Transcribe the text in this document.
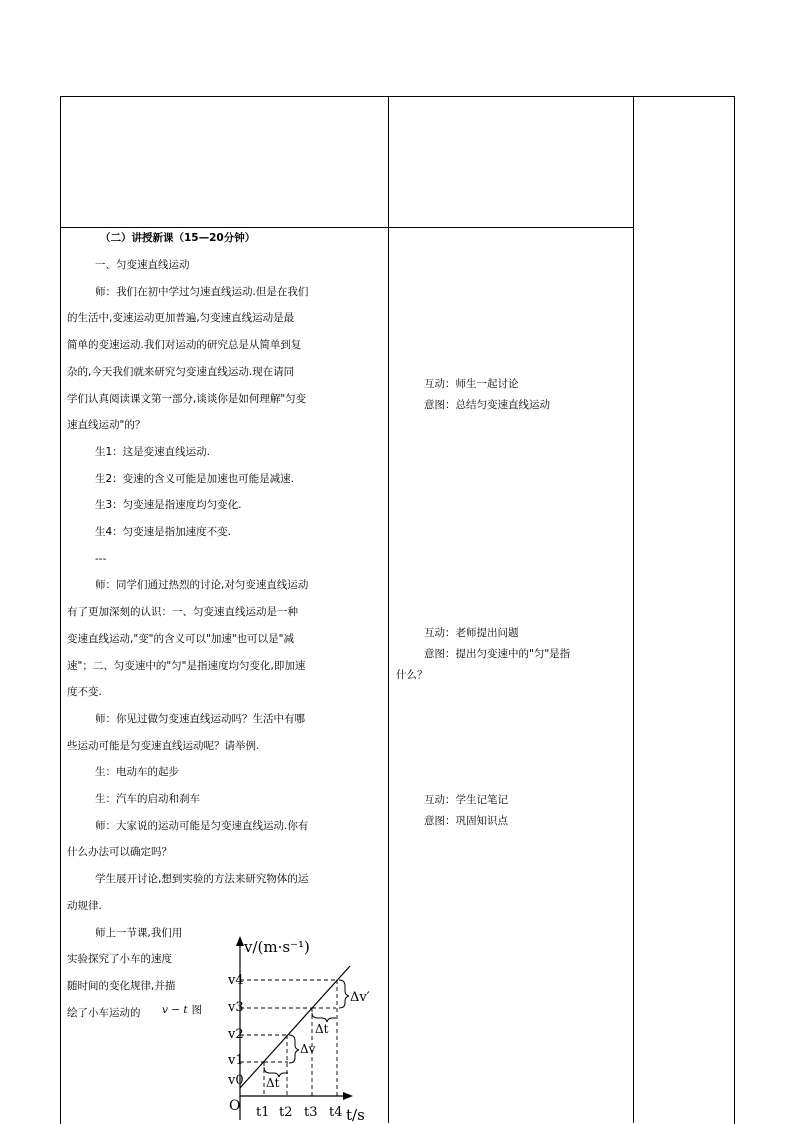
（二）讲授新课（15—20分钟）
一、匀变速直线运动
师：我们在初中学过匀速直线运动.但是在我们
的生活中,变速运动更加普遍,匀变速直线运动是最
简单的变速运动.我们对运动的研究总是从简单到复
杂的,今天我们就来研究匀变速直线运动.现在请同
学们认真阅读课文第一部分,谈谈你是如何理解"匀变
速直线运动"的？
生1：这是变速直线运动.
生2：变速的含义可能是加速也可能是减速.
生3：匀变速是指速度均匀变化.
生4：匀变速是指加速度不变.
---
师：同学们通过热烈的讨论,对匀变速直线运动
有了更加深刻的认识：一、匀变速直线运动是一种
变速直线运动,"变"的含义可以"加速"也可以是"减
速"；二、匀变速中的"匀"是指速度均匀变化,即加速
度不变.
师：你见过做匀变速直线运动吗？生活中有哪
些运动可能是匀变速直线运动呢？请举例.
生：电动车的起步
生：汽车的启动和刹车
师：大家说的运动可能是匀变速直线运动.你有
什么办法可以确定吗？
学生展开讨论,想到实验的方法来研究物体的运
动规律.
师上一节课,我们用
实验探究了小车的速度
随时间的变化规律,并描
绘了小车运动的	v − t 图
互动：师生一起讨论
意图：总结匀变速直线运动
互动：老师提出问题
意图：提出匀变速中的"匀"是指
什么？
互动：学生记笔记
意图：巩固知识点
v/(m·s⁻¹)
t/s
O
v0
v1
v2
v3
v4
t1 t2 t3 t4
Δt
Δv
Δt
Δv′
